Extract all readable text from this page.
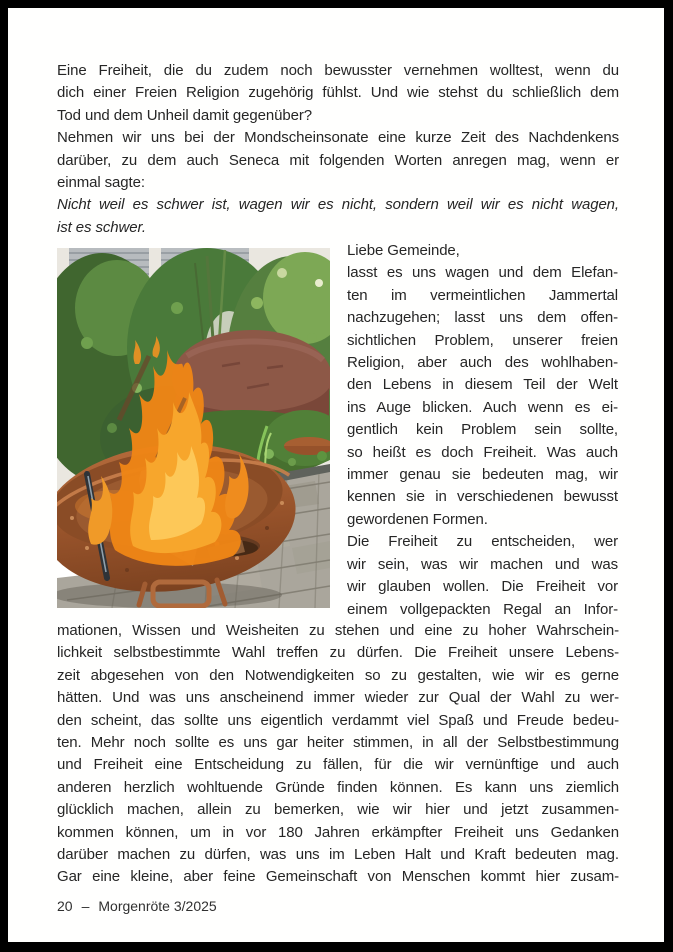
Eine Freiheit, die du zudem noch bewusster vernehmen wolltest, wenn du
dich einer Freien Religion zugehörig fühlst. Und wie stehst du schließlich dem
Tod und dem Unheil damit gegenüber?
Nehmen wir uns bei der Mondscheinsonate eine kurze Zeit des Nachdenkens
darüber, zu dem auch Seneca mit folgenden Worten anregen mag, wenn er
einmal sagte:
Nicht weil es schwer ist, wagen wir es nicht, sondern weil wir es nicht wagen,
ist es schwer.
Liebe Gemeinde,
lasst es uns wagen und dem Elefan-
ten im vermeintlichen Jammertal
nachzugehen; lasst uns dem offen-
sichtlichen Problem, unserer freien
Religion, aber auch des wohlhaben-
den Lebens in diesem Teil der Welt
ins Auge blicken. Auch wenn es ei-
gentlich kein Problem sein sollte,
so heißt es doch Freiheit. Was auch
immer genau sie bedeuten mag, wir
kennen sie in verschiedenen bewusst
gewordenen Formen.
Die Freiheit zu entscheiden, wer
wir sein, was wir machen und was
wir glauben wollen. Die Freiheit vor
einem vollgepackten Regal an Infor-
mationen, Wissen und Weisheiten zu stehen und eine zu hoher Wahrschein-
lichkeit selbstbestimmte Wahl treffen zu dürfen. Die Freiheit unsere Lebens-
zeit abgesehen von den Notwendigkeiten so zu gestalten, wie wir es gerne
hätten. Und was uns anscheinend immer wieder zur Qual der Wahl zu wer-
den scheint, das sollte uns eigentlich verdammt viel Spaß und Freude bedeu-
ten. Mehr noch sollte es uns gar heiter stimmen, in all der Selbstbestimmung
und Freiheit eine Entscheidung zu fällen, für die wir vernünftige und auch
anderen herzlich wohltuende Gründe finden können. Es kann uns ziemlich
glücklich machen, allein zu bemerken, wie wir hier und jetzt zusammen-
kommen können, um in vor 180 Jahren erkämpfter Freiheit uns Gedanken
darüber machen zu dürfen, was uns im Leben Halt und Kraft bedeuten mag.
Gar eine kleine, aber feine Gemeinschaft von Menschen kommt hier zusam-
20 – Morgenröte 3/2025
